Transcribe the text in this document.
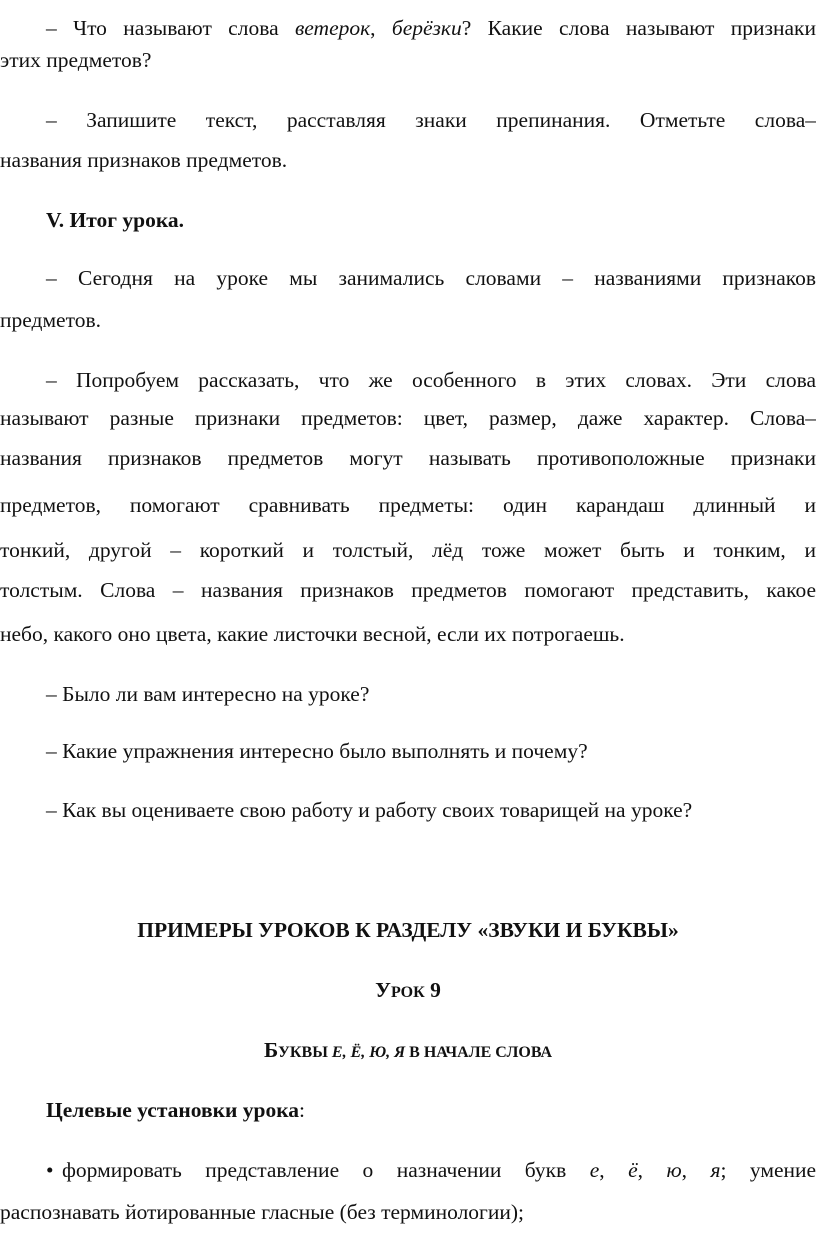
– Что называют слова ветерок, берёзки? Какие слова называют признаки
этих предметов?
– Запишите текст, расставляя знаки препинания. Отметьте слова–
названия признаков предметов.
V. Итог урока.
– Сегодня на уроке мы занимались словами – названиями признаков
предметов.
– Попробуем рассказать, что же особенного в этих словах. Эти слова
называют разные признаки предметов: цвет, размер, даже характер. Слова–
названия признаков предметов могут называть противоположные признаки
предметов, помогают сравнивать предметы: один карандаш длинный и
тонкий, другой – короткий и толстый, лёд тоже может быть и тонким, и
толстым. Слова – названия признаков предметов помогают представить, какое
небо, какого оно цвета, какие листочки весной, если их потрогаешь.
– Было ли вам интересно на уроке?
– Какие упражнения интересно было выполнять и почему?
– Как вы оцениваете свою работу и работу своих товарищей на уроке?
ПРИМЕРЫ УРОКОВ К РАЗДЕЛУ «ЗВУКИ И БУКВЫ»
УРОК 9
БУКВЫ Е, Ё, Ю, Я В НАЧАЛЕ СЛОВА
Целевые установки урока:
• формировать представление о назначении букв е, ё, ю, я; умение
распознавать йотированные гласные (без терминологии);
